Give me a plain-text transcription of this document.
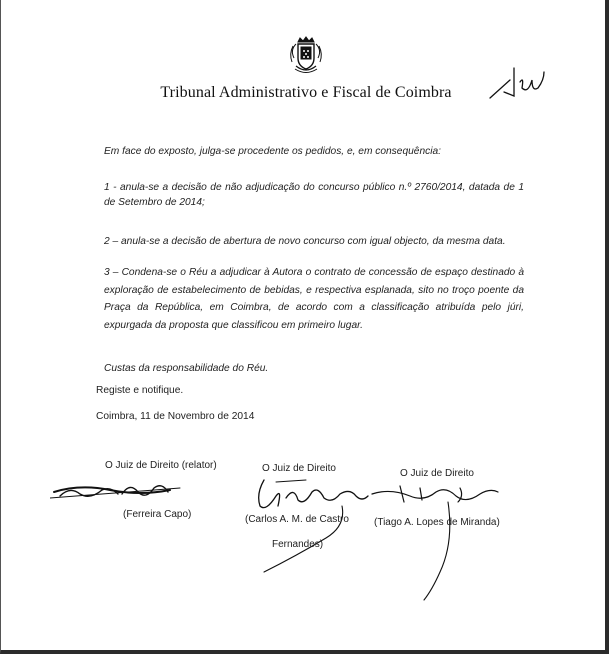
Tribunal Administrativo e Fiscal de Coimbra
Em face do exposto, julga-se procedente os pedidos, e, em consequência:
1 - anula-se a decisão de não adjudicação do concurso público n.º 2760/2014, datada de 1 de Setembro de 2014;
2 – anula-se a decisão de abertura de novo concurso com igual objecto, da mesma data.
3 – Condena-se o Réu a adjudicar à Autora o contrato de concessão de espaço destinado à exploração de estabelecimento de bebidas, e respectiva esplanada, sito no troço poente da Praça da República, em Coimbra, de acordo com a classificação atribuída pelo júri, expurgada da proposta que classificou em primeiro lugar.
Custas da responsabilidade do Réu.
Registe e notifique.
Coimbra, 11 de Novembro de 2014
O Juiz de Direito (relator)
(Ferreira Capo)
O Juiz de Direito
(Carlos A. M. de Castro
Fernandes)
O Juiz de Direito
(Tiago A. Lopes de Miranda)
